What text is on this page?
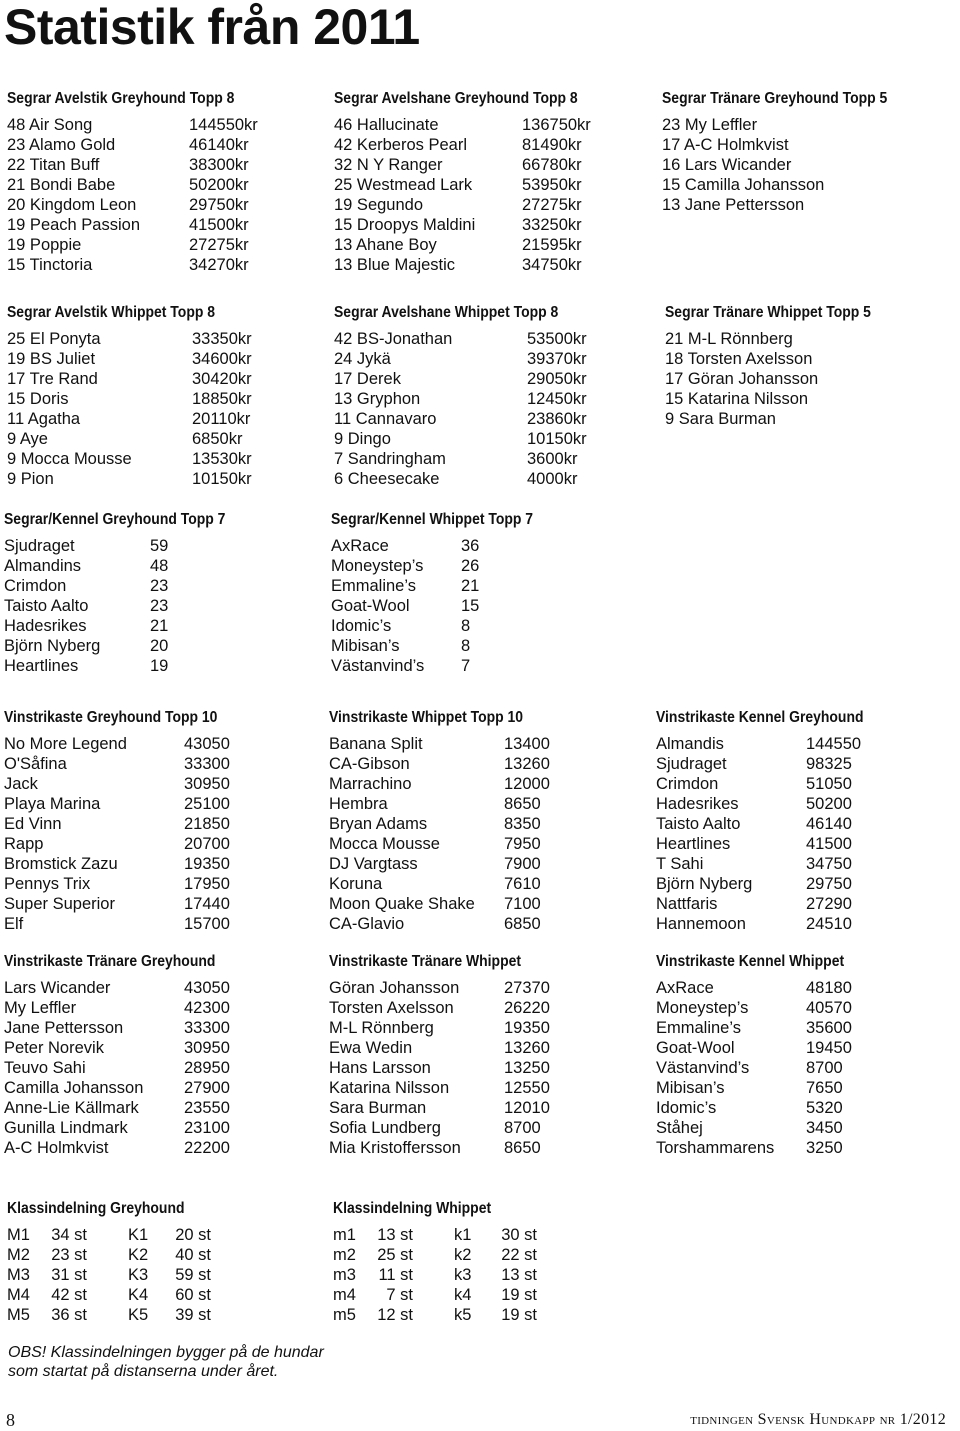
Statistik från 2011
Segrar Avelstik Greyhound Topp 8
48 Air Song	144550kr
23 Alamo Gold	46140kr
22 Titan Buff	38300kr
21 Bondi Babe	50200kr
20 Kingdom Leon	29750kr
19 Peach Passion	41500kr
19 Poppie	27275kr
15 Tinctoria	34270kr
Segrar Avelshane Greyhound Topp 8
46 Hallucinate	136750kr
42 Kerberos Pearl	81490kr
32 N Y Ranger	66780kr
25 Westmead Lark	53950kr
19 Segundo	27275kr
15 Droopys Maldini	33250kr
13 Ahane Boy	21595kr
13 Blue Majestic	34750kr
Segrar Tränare Greyhound Topp 5
23 My Leffler
17 A-C Holmkvist
16 Lars Wicander
15 Camilla Johansson
13 Jane Pettersson
Segrar Avelstik Whippet Topp 8
25 El Ponyta	33350kr
19 BS Juliet	34600kr
17 Tre Rand	30420kr
15 Doris	18850kr
11 Agatha	20110kr
9 Aye	6850kr
9 Mocca Mousse	13530kr
9 Pion	10150kr
Segrar Avelshane Whippet Topp 8
42 BS-Jonathan	53500kr
24 Jykä	39370kr
17 Derek	29050kr
13 Gryphon	12450kr
11 Cannavaro	23860kr
9 Dingo	10150kr
7 Sandringham	3600kr
6 Cheesecake	4000kr
Segrar Tränare Whippet Topp 5
21 M-L Rönnberg
18 Torsten Axelsson
17 Göran Johansson
15 Katarina Nilsson
9 Sara Burman
Segrar/Kennel Greyhound Topp 7
Sjudraget	59
Almandins	48
Crimdon	23
Taisto Aalto	23
Hadesrikes	21
Björn Nyberg	20
Heartlines	19
Segrar/Kennel Whippet Topp 7
AxRace	36
Moneystep’s 26
Emmaline’s	21
Goat-Wool	15
Idomic’s	8
Mibisan’s	8
Västanvind’s 7
Vinstrikaste Greyhound Topp 10
No More Legend	43050
O'Såfina	33300
Jack	30950
Playa Marina	25100
Ed Vinn	21850
Rapp	20700
Bromstick Zazu	19350
Pennys Trix	17950
Super Superior	17440
Elf	15700
Vinstrikaste Whippet Topp 10
Banana Split	13400
CA-Gibson	13260
Marrachino	12000
Hembra	8650
Bryan Adams	8350
Mocca Mousse	7950
DJ Vargtass	7900
Koruna	7610
Moon Quake Shake 7100
CA-Glavio	6850
Vinstrikaste Kennel Greyhound
Almandis	144550
Sjudraget	98325
Crimdon	51050
Hadesrikes	50200
Taisto Aalto	46140
Heartlines	41500
T Sahi	34750
Björn Nyberg	29750
Nattfaris	27290
Hannemoon	24510
Vinstrikaste Tränare Greyhound
Lars Wicander	43050
My Leffler	42300
Jane Pettersson	33300
Peter Norevik	30950
Teuvo Sahi	28950
Camilla Johansson 27900
Anne-Lie Källmark	23550
Gunilla Lindmark	23100
A-C Holmkvist	22200
Vinstrikaste Tränare Whippet
Göran Johansson	27370
Torsten Axelsson	26220
M-L Rönnberg	19350
Ewa Wedin	13260
Hans Larsson	13250
Katarina Nilsson	12550
Sara Burman	12010
Sofia Lundberg	8700
Mia Kristoffersson	8650
Vinstrikaste Kennel Whippet
AxRace	48180
Moneystep’s	40570
Emmaline’s	35600
Goat-Wool	19450
Västanvind’s	8700
Mibisan’s	7650
Idomic’s	5320
Ståhej	3450
Torshammarens 3250
Klassindelning Greyhound
M1	34 st K1	20 st
M2	23 st K2	40 st
M3	31 st K3	59 st
M4	42 st K4	60 st
M5	36 st K5	39 st
Klassindelning Whippet
m1	13 st k1	30 st
m2	25 st k2	22 st
m3	11 st k3	13 st
m4	7 st k4	19 st
m5	12 st k5	19 st
OBS! Klassindelningen bygger på de hundar
som startat på distanserna under året.
8	tidningen Svensk Hundkapp nr 1/2012
